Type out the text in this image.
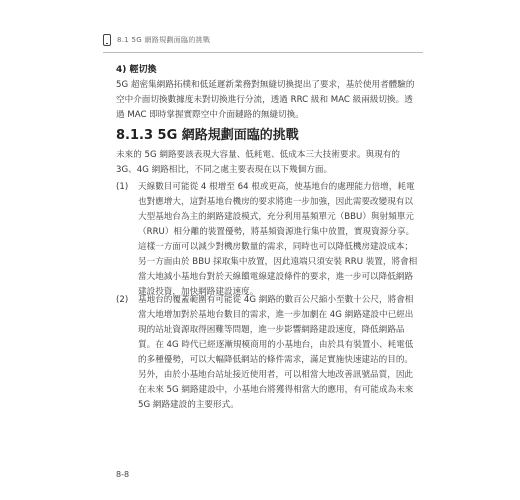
8.1 5G 網路規劃面臨的挑戰
4) 輕切換

5G 超密集網路拓樸和低延遲新業務對無縫切換提出了要求，基於使用者體驗的空中介面切換數據度未對切換進行分流，透過 RRC 級和 MAC 級兩級切換。透過 MAC 即時掌握實際空中介面鏈路的無縫切換。

8.1.3 5G 網路規劃面臨的挑戰

未來的 5G 網路要該表現大容量、低耗電、低成本三大技術要求。與現有的 3G、4G 網路相比，不同之處主要表現在以下幾個方面。

(1) 天線數目可能從 4 根增至 64 根或更高，使基地台的處理能力倍增，耗電也對應增大，這對基地台機房的要求將進一步加強，因此需要改變現有以大型基地台為主的網路建設模式，充分利用基頻單元（BBU）與射頻單元（RRU）相分離的裝置優勢，將基頻資源進行集中放置，實現資源分享。這樣一方面可以減少對機房數量的需求，同時也可以降低機房建設成本；另一方面由於 BBU 採取集中放置，因此遠端只須安裝 RRU 裝置，將會相當大地減小基地台對於天線饋電線建設條件的要求，進一步可以降低網路建設投資，加快網路建設速度。
(2) 基地台的覆蓋範圍有可能從 4G 網路的數百公尺縮小至數十公尺，將會相當大地增加對於基地台數目的需求，進一步加劇在 4G 網路建設中已經出現的站址資源取得困難等問題，進一步影響網路建設速度，降低網路品質。在 4G 時代已經逐漸規模商用的小基地台，由於具有裝置小、耗電低的多種優勢，可以大幅降低網站的條件需求，滿足實施快速建站的目的。另外，由於小基地台站址接近使用者，可以相當大地改善訊號品質，因此在未來 5G 網路建設中，小基地台將獲得相當大的應用，有可能成為未來 5G 網路建設的主要形式。
8-8
